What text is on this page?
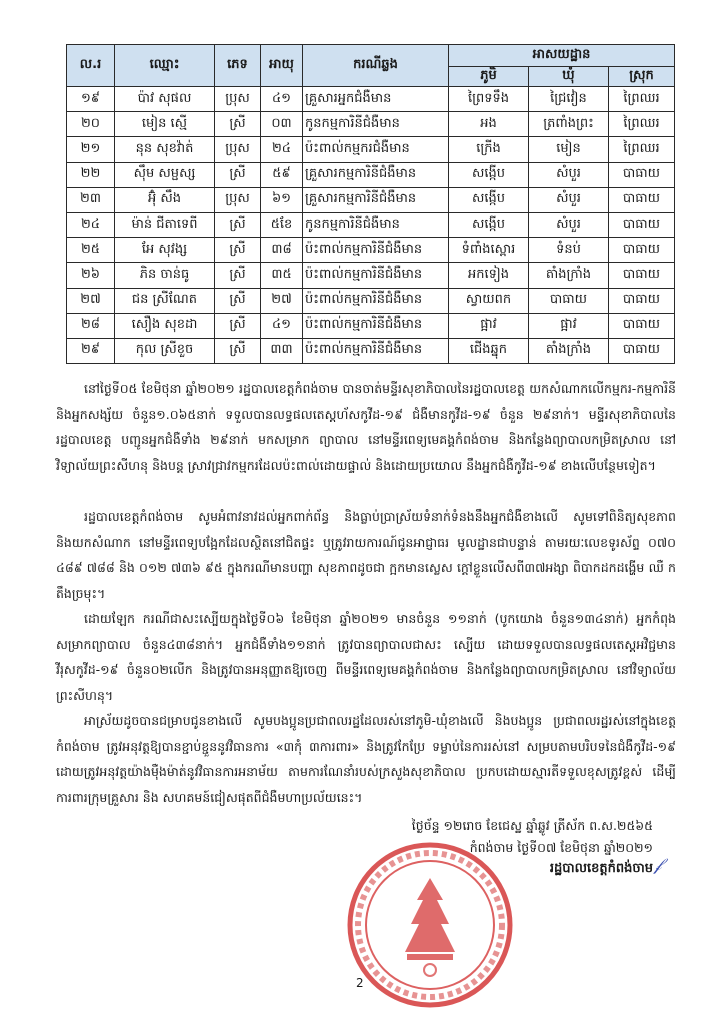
ល.រ	ឈ្មោះ	ភេទ	អាយុ	ករណីឆ្លង	អាសយដ្ឋាន		
					ភូមិ	ឃុំ	ស្រុក
១៩	ប៉ាវ សុផល	ប្រុស	៤១	គ្រួសារអ្នកជំងឺមាន	ព្រៃទទឹង	ជ្រៃវៀន	ព្រៃឈរ
២០	មៀន ស្មើ	ស្រី	០៣	កូនកម្មការិនីជំងឺមាន	អង	ត្រពាំងព្រះ	ព្រៃឈរ
២១	នុន សុខវ៉ាត់	ប្រុស	២៤	ប៉ះពាល់កម្មករជំងឺមាន	ក្រើង	មៀន	ព្រៃឈរ
២២	ស៊ឹម សម្ផស្ស	ស្រី	៥៩	គ្រួសារកម្មការិនីជំងឺមាន	សង្កើប	សំបួរ	បាធាយ
២៣	អ៊ុំ សឹង	ប្រុស	៦១	គ្រួសារកម្មការិនីជំងឺមាន	សង្កើប	សំបួរ	បាធាយ
២៤	ម៉ាន់ ជីតាទេពី	ស្រី	៥ខែ	កូនកម្មការិនីជំងឺមាន	សង្កើប	សំបួរ	បាធាយ
២៥	អែ សុវង្ស	ស្រី	៣៨	ប៉ះពាល់កម្មការិនីជំងឺមាន	ទំពាំងស្ពោរ	ទំនប់	បាធាយ
២៦	ភិន ចាន់ធូ	ស្រី	៣៥	ប៉ះពាល់កម្មការិនីជំងឺមាន	អកទៀង	តាំងក្រាំង	បាធាយ
២៧	ជន ស្រីណែត	ស្រី	២៧	ប៉ះពាល់កម្មការិនីជំងឺមាន	ស្វាយពក	បាធាយ	បាធាយ
២៨	សឿង សុខដា	ស្រី	៤១	ប៉ះពាល់កម្មការិនីជំងឺមាន	ផ្អាវ	ផ្អាវ	បាធាយ
២៩	កុល ស្រីខួច	ស្រី	៣៣	ប៉ះពាល់កម្មការិនីជំងឺមាន	ជើងឆ្នុក	តាំងក្រាំង	បាធាយ

នៅថ្ងៃទី០៥ ខែមិថុនា ឆ្នាំ២០២១ រដ្ឋបាលខេត្តកំពង់ចាម បានចាត់មន្ទីរសុខាភិបាលនៃរដ្ឋបាលខេត្ត យកសំណាកលើកម្មករ-កម្មការិនី និងអ្នកសង្ស័យ ចំនួន១.០៦៥នាក់ ទទួលបានលទ្ធផលតេស្តហ័សកូវីដ-១៩ ជំងឺមានកូវីដ-១៩ ចំនួន ២៩នាក់។ មន្ទីរសុខាភិបាលនៃរដ្ឋបាលខេត្ត បញ្ជូនអ្នកជំងឺទាំង ២៩នាក់ មកសម្រាក ព្យាបាល នៅមន្ទីរពេទ្យមេគង្គកំពង់ចាម និងកន្លែងព្យាបាលកម្រិតស្រាល នៅវិទ្យាល័យព្រះសីហនុ និងបន្ត ស្រាវជ្រាវកម្មករដែលប៉ះពាល់ដោយផ្ទាល់ និងដោយប្រយោល នឹងអ្នកជំងឺកូវីដ-១៩ ខាងលើបន្ថែមទៀត។

រដ្ឋបាលខេត្តកំពង់ចាម សូមអំពាវនាវដល់អ្នកពាក់ព័ន្ធ និងធ្លាប់ប្រាស្រ័យទំនាក់ទំនងនឹងអ្នកជំងឺខាងលើ សូមទៅពិនិត្យសុខភាព និងយកសំណាក នៅមន្ទីរពេទ្យបង្អែកដែលស្ថិតនៅជិតផ្ទះ ឬត្រូវរាយការណ៍ជូនអាជ្ញាធរ មូលដ្ឋានជាបន្ទាន់ តាមរយៈលេខទូរស័ព្ទ ០៧០ ៤៨៩ ៧៨៨ និង ០១២ ៧៣៦ ៩៥ ក្នុងករណីមានបញ្ហា សុខភាពដូចជា ក្អកមានស្លេស ក្តៅខ្លួនលើសពី៣៧អង្សា ពិបាកដកដង្ហើម ឈឺ ក តឹងច្រមុះ។

ដោយឡែក ករណីជាសះស្បើយក្នុងថ្ងៃទី០៦ ខែមិថុនា ឆ្នាំ២០២១ មានចំនួន ១១នាក់ (បូកយោង ចំនួន១៣៤នាក់) អ្នកកំពុងសម្រាកព្យាបាល ចំនួន៤៣៨នាក់។ អ្នកជំងឺទាំង១១នាក់ ត្រូវបានព្យាបាលជាសះ ស្បើយ ដោយទទួលបានលទ្ធផលតេស្តអវិជ្ជមានវីរុសកូវីដ-១៩ ចំនួន០២លើក និងត្រូវបានអនុញ្ញាតឱ្យចេញ ពីមន្ទីរពេទ្យមេគង្គកំពង់ចាម និងកន្លែងព្យាបាលកម្រិតស្រាល នៅវិទ្យាល័យព្រះសីហនុ។

អាស្រ័យដូចបានជម្រាបជូនខាងលើ សូមបងប្អូនប្រជាពលរដ្ឋដែលរស់នៅភូមិ-ឃុំខាងលើ និងបងប្អូន ប្រជាពលរដ្ឋរស់នៅក្នុងខេត្តកំពង់ចាម ត្រូវអនុវត្តឱ្យបានខ្ជាប់ខ្ជួននូវវិធានការ «៣កុំ ៣ការពារ» និងត្រូវកែប្រែ ទម្លាប់នៃការរស់នៅ សម្របតាមបរិបទនៃជំងឺកូវីដ-១៩ ដោយត្រូវអនុវត្តយ៉ាងម៉ឺងម៉ាត់នូវវិធានការអនាម័យ តាមការណែនាំរបស់ក្រសួងសុខាភិបាល ប្រកបដោយស្មារតីទទួលខុសត្រូវខ្ពស់ ដើម្បីការពារក្រុមគ្រួសារ និង សហគមន៍ជៀសផុតពីជំងឺមហាប្រល័យនេះ។

ថ្ងៃច័ន្ទ ១២រោច ខែជេស្ឋ ឆ្នាំឆ្លូវ ត្រីស័ក ព.ស.២៥៦៥

កំពង់ចាម ថ្ងៃទី០៧ ខែមិថុនា ឆ្នាំ២០២១

រដ្ឋបាលខេត្តកំពង់ចាម 𝒻
2
